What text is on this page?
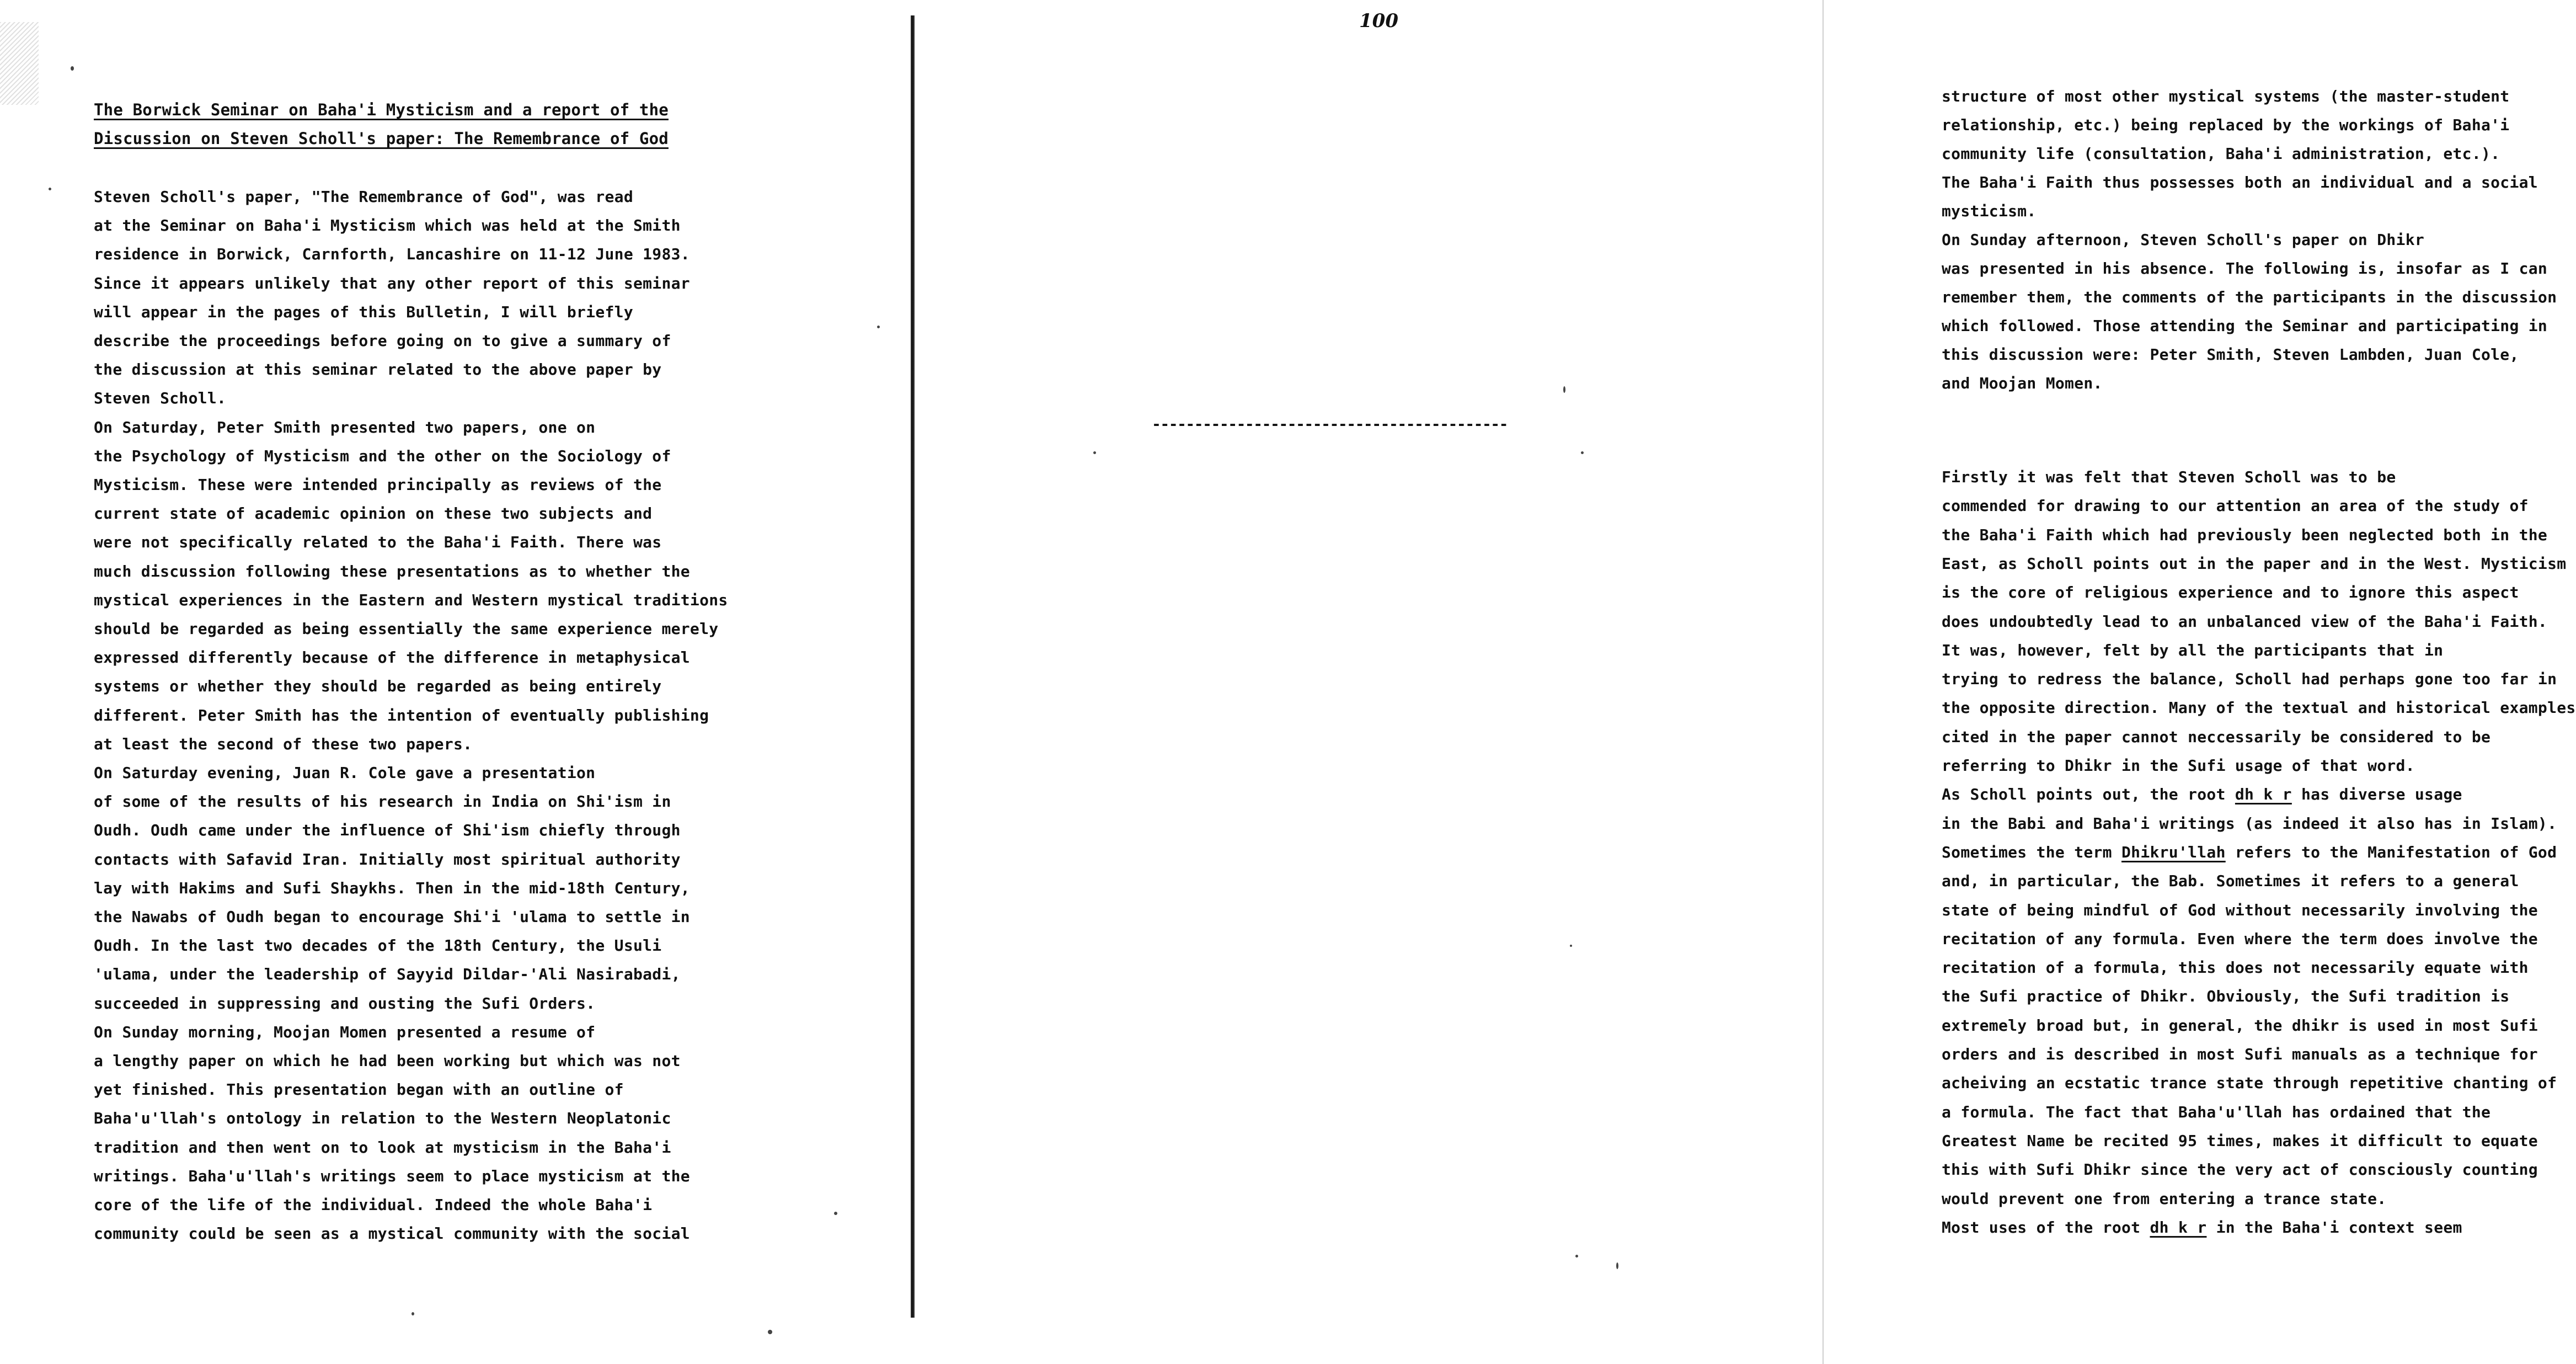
The Borwick Seminar on Baha'i Mysticism and a report of the

Discussion on Steven Scholl's paper: The Remembrance of God

Steven Scholl's paper, "The Remembrance of God", was read

at the Seminar on Baha'i Mysticism which was held at the Smith

residence in Borwick, Carnforth, Lancashire on 11-12 June 1983.

Since it appears unlikely that any other report of this seminar

will appear in the pages of this Bulletin, I will briefly

describe the proceedings before going on to give a summary of

the discussion at this seminar related to the above paper by

Steven Scholl.

On Saturday, Peter Smith presented two papers, one on

the Psychology of Mysticism and the other on the Sociology of

Mysticism. These were intended principally as reviews of the

current state of academic opinion on these two subjects and

were not specifically related to the Baha'i Faith. There was

much discussion following these presentations as to whether the

mystical experiences in the Eastern and Western mystical traditions

should be regarded as being essentially the same experience merely

expressed differently because of the difference in metaphysical

systems or whether they should be regarded as being entirely

different. Peter Smith has the intention of eventually publishing

at least the second of these two papers.

On Saturday evening, Juan R. Cole gave a presentation

of some of the results of his research in India on Shi'ism in

Oudh. Oudh came under the influence of Shi'ism chiefly through

contacts with Safavid Iran. Initially most spiritual authority

lay with Hakims and Sufi Shaykhs. Then in the mid-18th Century,

the Nawabs of Oudh began to encourage Shi'i 'ulama to settle in

Oudh. In the last two decades of the 18th Century, the Usuli

'ulama, under the leadership of Sayyid Dildar-'Ali Nasirabadi,

succeeded in suppressing and ousting the Sufi Orders.

On Sunday morning, Moojan Momen presented a resume of

a lengthy paper on which he had been working but which was not

yet finished. This presentation began with an outline of

Baha'u'llah's ontology in relation to the Western Neoplatonic

tradition and then went on to look at mysticism in the Baha'i

writings. Baha'u'llah's writings seem to place mysticism at the

core of the life of the individual. Indeed the whole Baha'i

community could be seen as a mystical community with the social

structure of most other mystical systems (the master-student

relationship, etc.) being replaced by the workings of Baha'i

community life (consultation, Baha'i administration, etc.).

The Baha'i Faith thus possesses both an individual and a social

mysticism.

On Sunday afternoon, Steven Scholl's paper on Dhikr

was presented in his absence. The following is, insofar as I can

remember them, the comments of the participants in the discussion

which followed. Those attending the Seminar and participating in

this discussion were: Peter Smith, Steven Lambden, Juan Cole,

and Moojan Momen.

Firstly it was felt that Steven Scholl was to be

commended for drawing to our attention an area of the study of

the Baha'i Faith which had previously been neglected both in the

East, as Scholl points out in the paper and in the West. Mysticism

is the core of religious experience and to ignore this aspect

does undoubtedly lead to an unbalanced view of the Baha'i Faith.

It was, however, felt by all the participants that in

trying to redress the balance, Scholl had perhaps gone too far in

the opposite direction. Many of the textual and historical examples

cited in the paper cannot neccessarily be considered to be

referring to Dhikr in the Sufi usage of that word.

As Scholl points out, the root dh k r has diverse usage

in the Babi and Baha'i writings (as indeed it also has in Islam).

Sometimes the term Dhikru'llah refers to the Manifestation of God

and, in particular, the Bab. Sometimes it refers to a general

state of being mindful of God without necessarily involving the

recitation of any formula. Even where the term does involve the

recitation of a formula, this does not necessarily equate with

the Sufi practice of Dhikr. Obviously, the Sufi tradition is

extremely broad but, in general, the dhikr is used in most Sufi

orders and is described in most Sufi manuals as a technique for

acheiving an ecstatic trance state through repetitive chanting of

a formula. The fact that Baha'u'llah has ordained that the

Greatest Name be recited 95 times, makes it difficult to equate

this with Sufi Dhikr since the very act of consciously counting

would prevent one from entering a trance state.

Most uses of the root dh k r in the Baha'i context seem

100
------------------------------------------
